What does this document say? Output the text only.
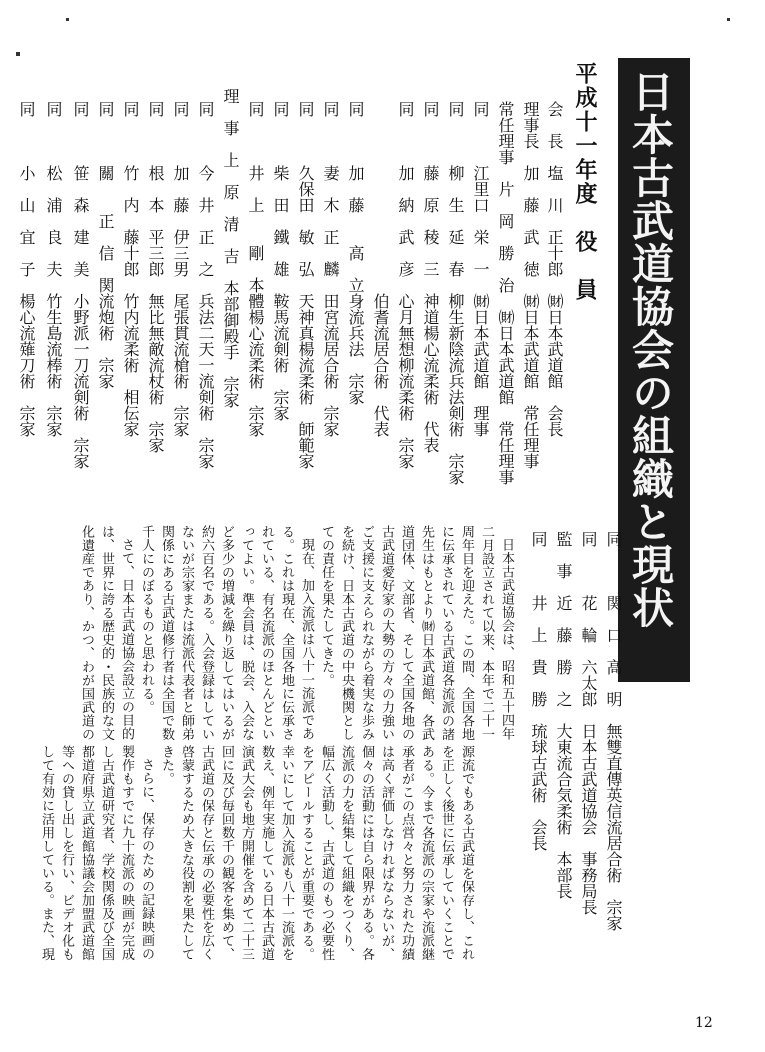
日本古武道協会の組織と現状
平成十一年度　役　員
会　長　塩　川　正十郎　㈶日本武道館　会長
理事長　加　藤　武　徳　㈶日本武道館　常任理事
常任理事　片　岡　勝　治　㈶日本武道館　常任理事
同　　　江里口　栄　一　㈶日本武道館　理事
同　　　柳　生　延　春　柳生新陰流兵法剣術　宗家
同　　　藤　原　稜　三　神道楊心流柔術　代表
同　　　加　納　武　彦　心月無想柳流柔術　宗家
　　　　　　　　　　　　伯耆流居合術　代表
同　　　加　藤　　高　立身流兵法　宗家
同　　　妻　木　正　麟　田宮流居合術　宗家
同　　　久保田　敏　弘　天神真楊流柔術　師範家
同　　　柴　田　鐵　雄　鞍馬流剣術　宗家
同　　　井　上　　剛　本體楊心流柔術　宗家
理　事　上　原　清　吉　本部御殿手　宗家
同　　　今　井　正　之　兵法二天一流剣術　宗家
同　　　加　藤　伊三男　尾張貫流槍術　宗家
同　　　根　本　平三郎　無比無敵流杖術　宗家
同　　　竹　内　藤十郎　竹内流柔術　相伝家
同　　　關　　正　信　関流炮術　宗家
同　　　笹　森　建　美　小野派一刀流剣術　宗家
同　　　松　浦　良　夫　竹生島流棒術　宗家
同　　　小　山　宜　子　楊心流薙刀術　宗家
同　　　関　口　高　明　無雙直傳英信流居合術　宗家
同　　　花　輪　六太郎　日本古武道協会　事務局長
監　事　近　藤　勝　之　大東流合気柔術　本部長
同　　　井　上　貴　勝　琉球古武術　会長
日本古武道協会は、昭和五十四年
二月設立されて以来、本年で二十一
周年目を迎えた。この間、全国各地
に伝承されている古武道各流派の諸
先生はもとより㈶日本武道館、各武
道団体、文部省、そして全国各地の
古武道愛好家の大勢の方々の力強い
ご支援に支えられながら着実な歩み
を続け、日本古武道の中央機関とし
ての責任を果たしてきた。
現在、加入流派は八十一流派であ
る。これは現在、全国各地に伝承さ
れている、有名流派のほとんどとい
ってよい。準会員は、脱会、入会な
ど多少の増減を繰り返してはいるが
約六百名である。入会登録はしてい
ないが宗家または流派代表者と師弟
関係にある古武道修行者は全国で数
千人にのぼるものと思われる。
さて、日本古武道協会設立の目的
は、世界に誇る歴史的・民族的な文
化遺産であり、かつ、わが国武道の
源流でもある古武道を保存し、これ
を正しく後世に伝承していくことで
ある。今まで各流派の宗家や流派継
承者がこの点営々と努力された功績
は高く評価しなければならないが、
個々の活動には自ら限界がある。各
流派の力を結集して組織をつくり、
幅広く活動し、古武道のもつ必要性
をアピールすることが重要である。
幸いにして加入流派も八十一流派を
数え、例年実施している日本古武道
演武大会も地方開催を含めて二十三
回に及び毎回数千の観客を集めて、
古武道の保存と伝承の必要性を広く
啓蒙するため大きな役割を果たして
きた。
さらに、保存のための記録映画の
製作もすでに九十流派の映画が完成
し古武道研究者、学校関係及び全国
都道府県立武道館協議会加盟武道館
等への貸し出しを行い、ビデオ化も
して有効に活用している。また、現
12
